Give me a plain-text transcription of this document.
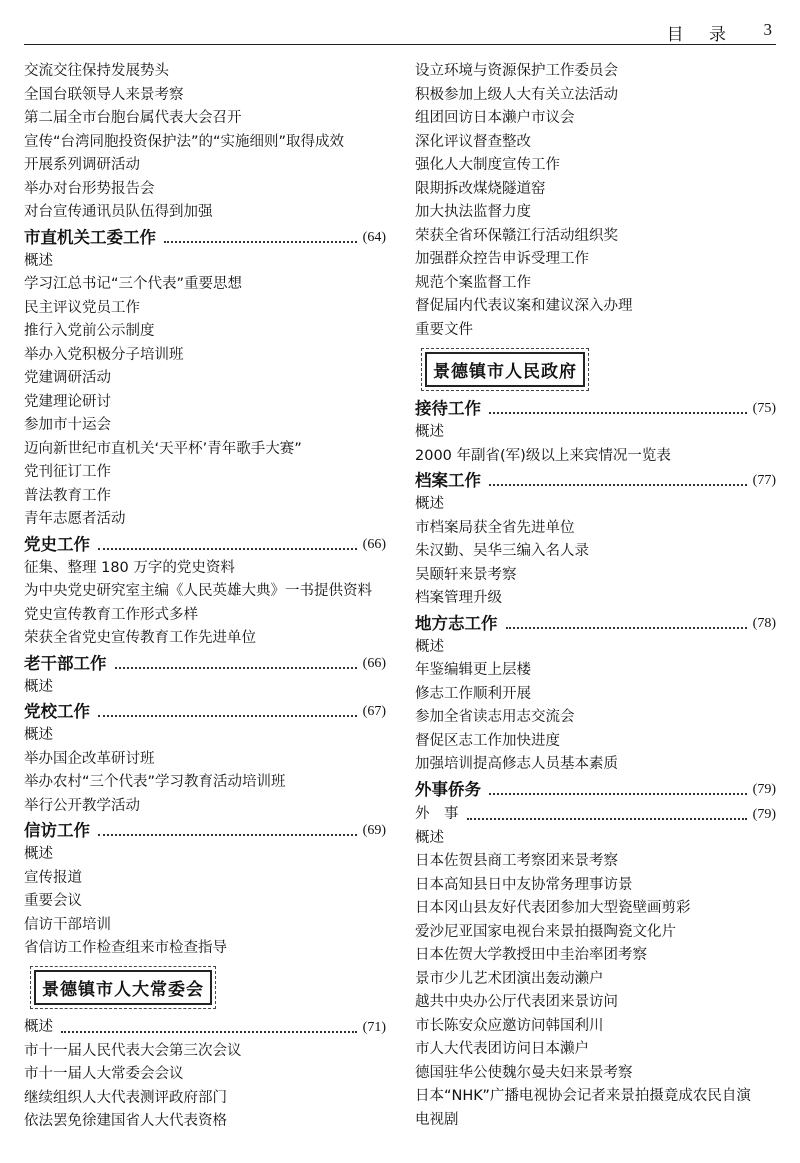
目 录 3
交流交往保持发展势头
全国台联领导人来景考察
第二届全市台胞台属代表大会召开
宣传“台湾同胞投资保护法”的“实施细则”取得成效
开展系列调研活动
举办对台形势报告会
对台宣传通讯员队伍得到加强
市直机关工委工作	(64)
概述
学习江总书记“三个代表”重要思想
民主评议党员工作
推行入党前公示制度
举办入党积极分子培训班
党建调研活动
党建理论研讨
参加市十运会
迈向新世纪市直机关‘天平杯’青年歌手大赛”
党刊征订工作
普法教育工作
青年志愿者活动
党史工作	(66)
征集、整理 180 万字的党史资料
为中央党史研究室主编《人民英雄大典》一书提供资料
党史宣传教育工作形式多样
荣获全省党史宣传教育工作先进单位
老干部工作	(66)
概述
党校工作	(67)
概述
举办国企改革研讨班
举办农村“三个代表”学习教育活动培训班
举行公开教学活动
信访工作	(69)
概述
宣传报道
重要会议
信访干部培训
省信访工作检查组来市检查指导
景德镇市人大常委会
概述	(71)
市十一届人民代表大会第三次会议
市十一届人大常委会会议
继续组织人大代表测评政府部门
依法罢免徐建国省人大代表资格
设立环境与资源保护工作委员会
积极参加上级人大有关立法活动
组团回访日本濑户市议会
深化评议督查整改
强化人大制度宣传工作
限期拆改煤烧隧道窑
加大执法监督力度
荣获全省环保赣江行活动组织奖
加强群众控告申诉受理工作
规范个案监督工作
督促届内代表议案和建议深入办理
重要文件
景德镇市人民政府
接待工作	(75)
概述
2000 年副省(军)级以上来宾情况一览表
档案工作	(77)
概述
市档案局获全省先进单位
朱汉勤、吴华三编入名人录
吴颐轩来景考察
档案管理升级
地方志工作	(78)
概述
年鉴编辑更上层楼
修志工作顺利开展
参加全省读志用志交流会
督促区志工作加快进度
加强培训提高修志人员基本素质
外事侨务	(79)
外　事	(79)
概述
日本佐贺县商工考察团来景考察
日本高知县日中友协常务理事访景
日本冈山县友好代表团参加大型瓷壁画剪彩
爱沙尼亚国家电视台来景拍摄陶瓷文化片
日本佐贺大学教授田中圭治率团考察
景市少儿艺术团演出轰动濑户
越共中央办公厅代表团来景访问
市长陈安众应邀访问韩国利川
市人大代表团访问日本濑户
德国驻华公使魏尔曼夫妇来景考察
日本“NHK”广播电视协会记者来景拍摄竟成农民自演
电视剧
